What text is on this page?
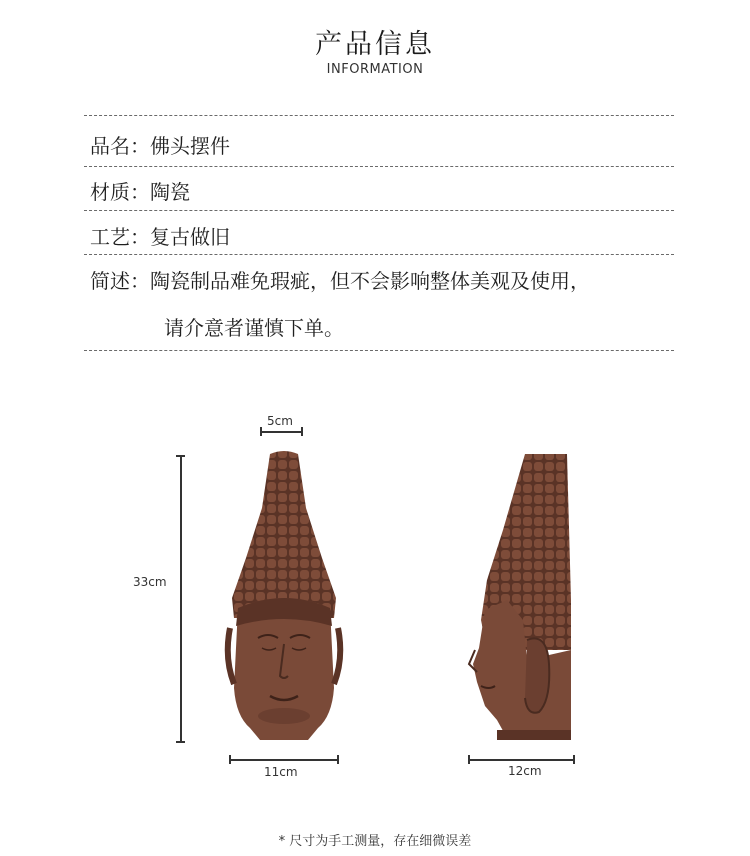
产品信息
INFORMATION
品名：佛头摆件
材质：陶瓷
工艺：复古做旧
简述：陶瓷制品难免瑕疵，但不会影响整体美观及使用，
请介意者谨慎下单。
5cm
33cm
11cm	12cm
* 尺寸为手工测量，存在细微误差
